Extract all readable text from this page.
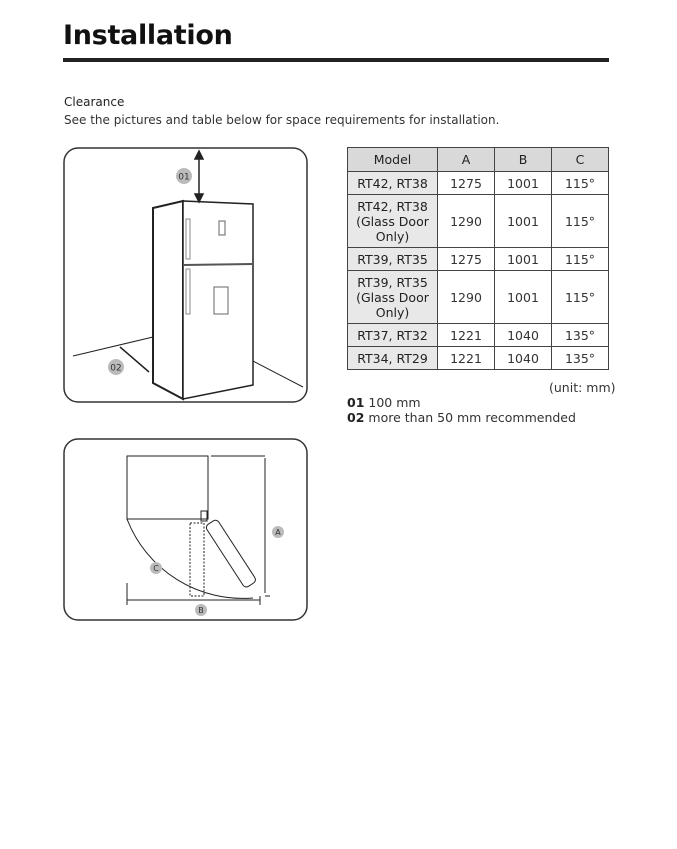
Installation
Clearance
See the pictures and table below for space requirements for installation.
01
02
A
B
C
Model	A	B	C
RT42, RT38	1275	1001	115°
RT42, RT38
(Glass Door
Only)	1290	1001	115°
RT39, RT35	1275	1001	115°
RT39, RT35
(Glass Door
Only)	1290	1001	115°
RT37, RT32	1221	1040	135°
RT34, RT29	1221	1040	135°
(unit: mm)
01 100 mm
02 more than 50 mm recommended
